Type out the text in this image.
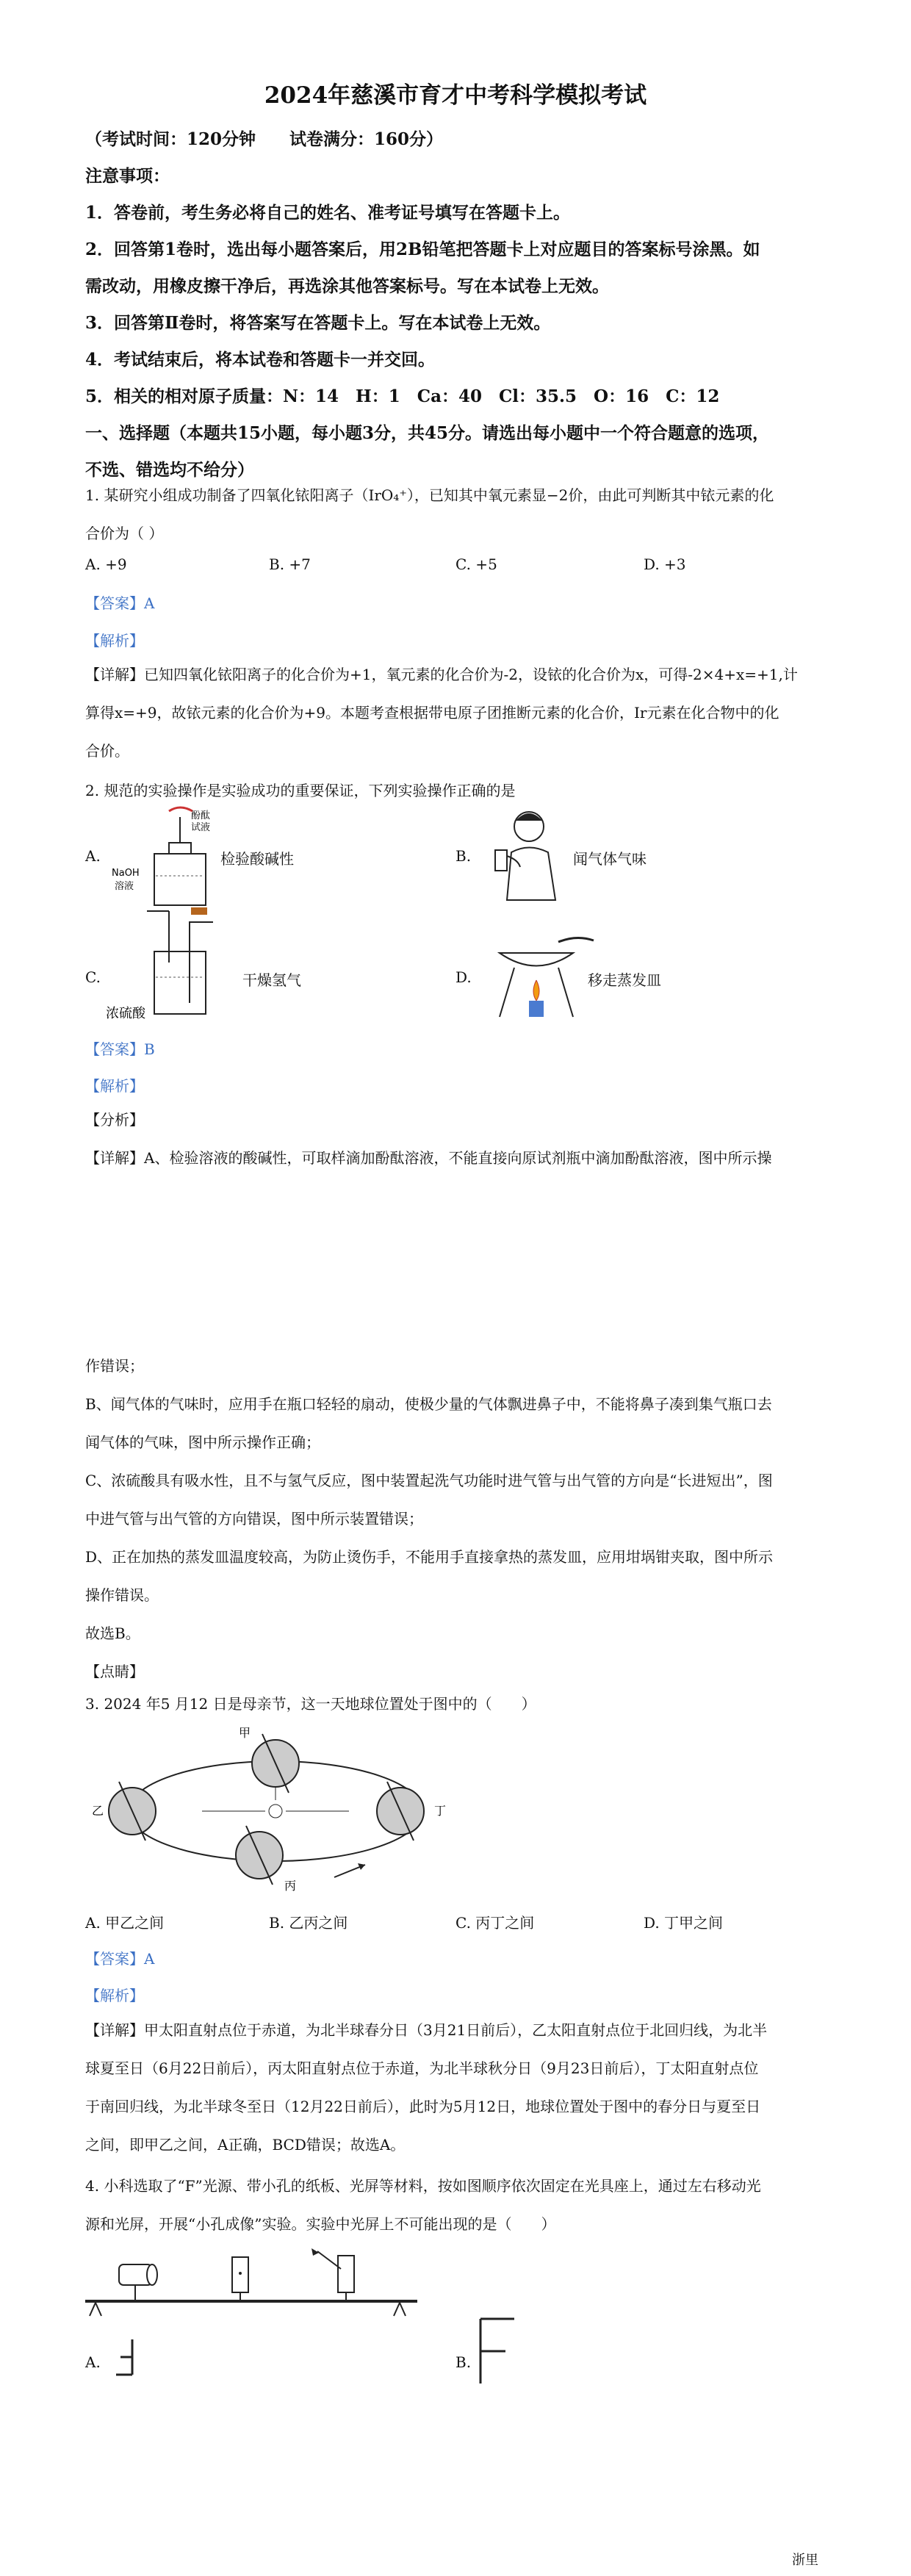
2024年慈溪市育才中考科学模拟考试
（考试时间：120分钟　　试卷满分：160分）
注意事项：
1．答卷前，考生务必将自己的姓名、准考证号填写在答题卡上。
2．回答第1卷时，选出每小题答案后，用2B铅笔把答题卡上对应题目的答案标号涂黑。如
需改动，用橡皮擦干净后，再选涂其他答案标号。写在本试卷上无效。
3．回答第Ⅱ卷时，将答案写在答题卡上。写在本试卷上无效。
4．考试结束后，将本试卷和答题卡一并交回。
5．相关的相对原子质量：N：14　H：1　Ca：40　Cl：35.5　O：16　C：12
一、选择题（本题共15小题，每小题3分，共45分。请选出每小题中一个符合题意的选项，
不选、错选均不给分）
1. 某研究小组成功制备了四氧化铱阳离子（IrO₄⁺），已知其中氧元素显−2价，由此可判断其中铱元素的化
合价为（ ）
A. +9	B. +7	C. +5	D. +3
【答案】A
【解析】
【详解】已知四氧化铱阳离子的化合价为+1，氧元素的化合价为-2，设铱的化合价为x，可得-2×4+x=+1,计
算得x=+9，故铱元素的化合价为+9。本题考查根据带电原子团推断元素的化合价，Ir元素在化合物中的化
合价。
2. 规范的实验操作是实验成功的重要保证，下列实验操作正确的是
A.
酚酞
试液
NaOH
溶液
检验酸碱性	B.	闻气体气味
C.
浓硫酸
干燥氢气	D.	移走蒸发皿
【答案】B
【解析】
【分析】
【详解】A、检验溶液的酸碱性，可取样滴加酚酞溶液，不能直接向原试剂瓶中滴加酚酞溶液，图中所示操
作错误；
B、闻气体的气味时，应用手在瓶口轻轻的扇动，使极少量的气体飘进鼻子中，不能将鼻子凑到集气瓶口去
闻气体的气味，图中所示操作正确；
C、浓硫酸具有吸水性，且不与氢气反应，图中装置起洗气功能时进气管与出气管的方向是“长进短出”，图
中进气管与出气管的方向错误，图中所示装置错误；
D、正在加热的蒸发皿温度较高，为防止烫伤手，不能用手直接拿热的蒸发皿，应用坩埚钳夹取，图中所示
操作错误。
故选B。
【点睛】
3. 2024 年5 月12 日是母亲节，这一天地球位置处于图中的（　　）
甲
乙
丙
丁
A. 甲乙之间	B. 乙丙之间	C. 丙丁之间	D. 丁甲之间
【答案】A
【解析】
【详解】甲太阳直射点位于赤道，为北半球春分日（3月21日前后），乙太阳直射点位于北回归线，为北半
球夏至日（6月22日前后），丙太阳直射点位于赤道，为北半球秋分日（9月23日前后），丁太阳直射点位
于南回归线，为北半球冬至日（12月22日前后），此时为5月12日，地球位置处于图中的春分日与夏至日
之间，即甲乙之间，A正确，BCD错误；故选A。
4. 小科选取了“F”光源、带小孔的纸板、光屏等材料，按如图顺序依次固定在光具座上，通过左右移动光
源和光屏，开展“小孔成像”实验。实验中光屏上不可能出现的是（　　）
A.	B.
浙里
